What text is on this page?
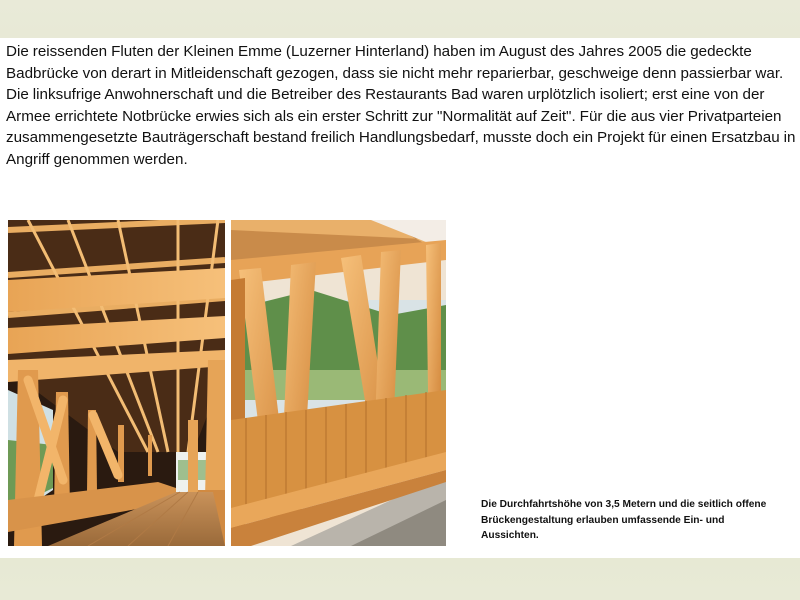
Die reissenden Fluten der Kleinen Emme (Luzerner Hinterland) haben im August des Jahres 2005 die gedeckte Badbrücke von derart in Mitleidenschaft gezogen, dass sie nicht mehr reparierbar, geschweige denn passierbar war. Die linksufrige Anwohnerschaft und die Betreiber des Restaurants Bad waren urplötzlich isoliert; erst eine von der Armee errichtete Notbrücke erwies sich als ein erster Schritt zur "Normalität auf Zeit". Für die aus vier Privatparteien zusammengesetzte Bauträgerschaft bestand freilich Handlungsbedarf, musste doch ein Projekt für einen Ersatzbau in Angriff genommen werden.

Die Durchfahrtshöhe von 3,5 Metern und die seitlich offene Brückengestaltung erlauben umfassende Ein- und Aussichten.
